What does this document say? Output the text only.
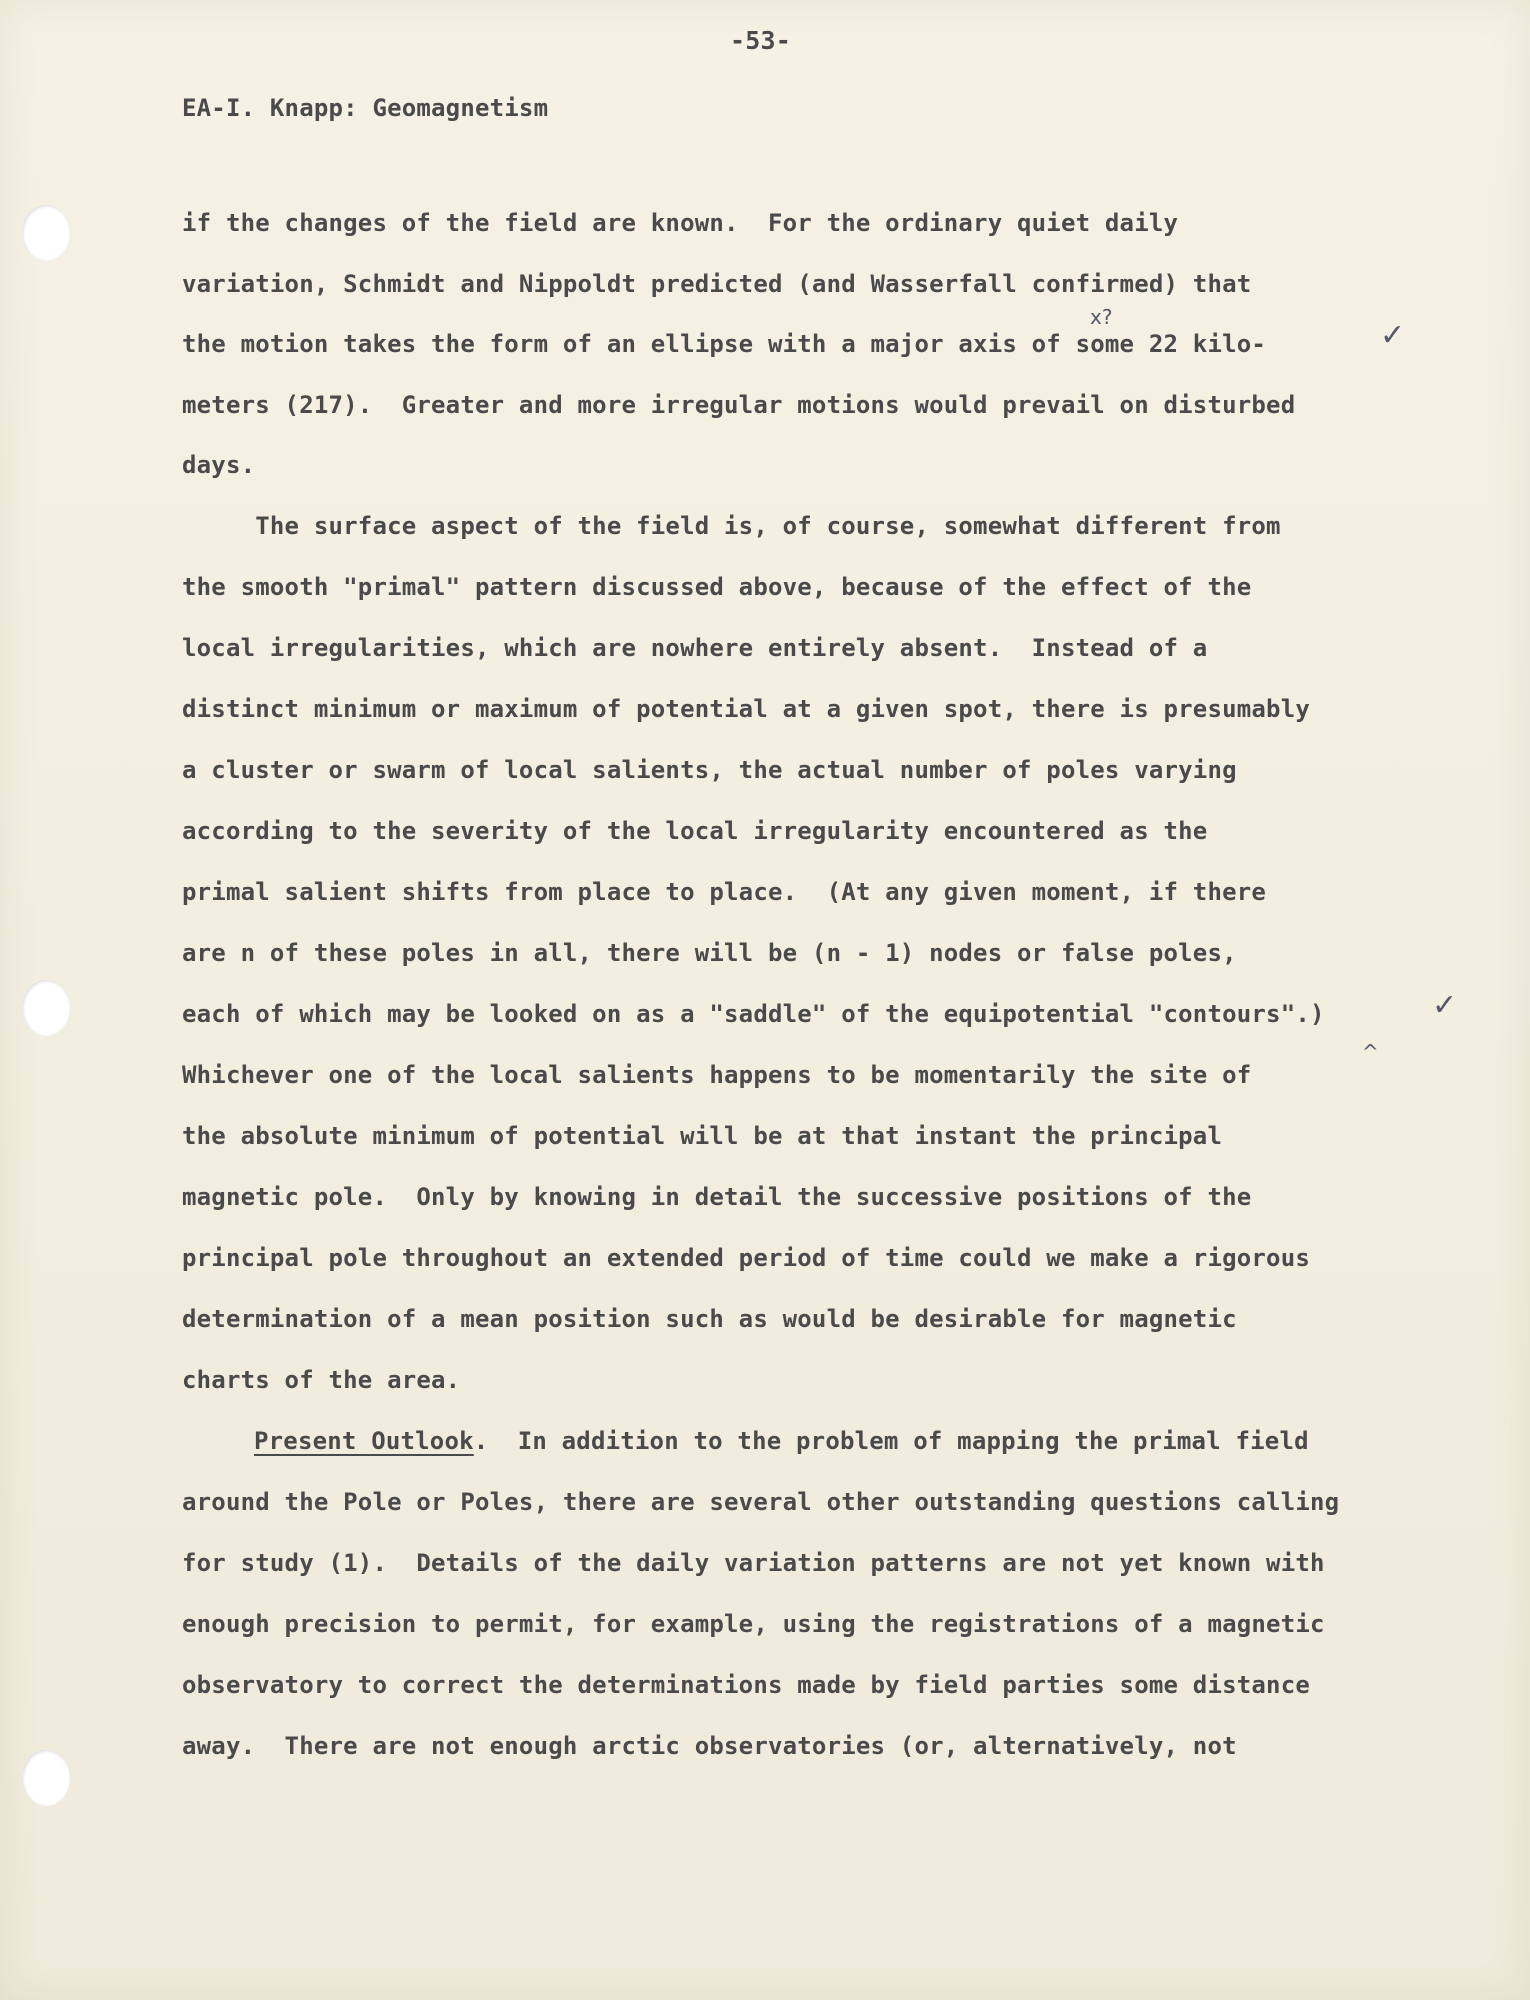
-53-
EA-I. Knapp: Geomagnetism
if the changes of the field are known.  For the ordinary quiet daily
variation, Schmidt and Nippoldt predicted (and Wasserfall confirmed) that
the motion takes the form of an ellipse with a major axis of some 22 kilo-
meters (217).  Greater and more irregular motions would prevail on disturbed
days.
The surface aspect of the field is, of course, somewhat different from
the smooth "primal" pattern discussed above, because of the effect of the
local irregularities, which are nowhere entirely absent.  Instead of a
distinct minimum or maximum of potential at a given spot, there is presumably
a cluster or swarm of local salients, the actual number of poles varying
according to the severity of the local irregularity encountered as the
primal salient shifts from place to place.  (At any given moment, if there
are n of these poles in all, there will be (n - 1) nodes or false poles,
each of which may be looked on as a "saddle" of the equipotential "contours".)
Whichever one of the local salients happens to be momentarily the site of
the absolute minimum of potential will be at that instant the principal
magnetic pole.  Only by knowing in detail the successive positions of the
principal pole throughout an extended period of time could we make a rigorous
determination of a mean position such as would be desirable for magnetic
charts of the area.
Present Outlook.  In addition to the problem of mapping the primal field
around the Pole or Poles, there are several other outstanding questions calling
for study (1).  Details of the daily variation patterns are not yet known with
enough precision to permit, for example, using the registrations of a magnetic
observatory to correct the determinations made by field parties some distance
away.  There are not enough arctic observatories (or, alternatively, not
x?
✓
✓
^
